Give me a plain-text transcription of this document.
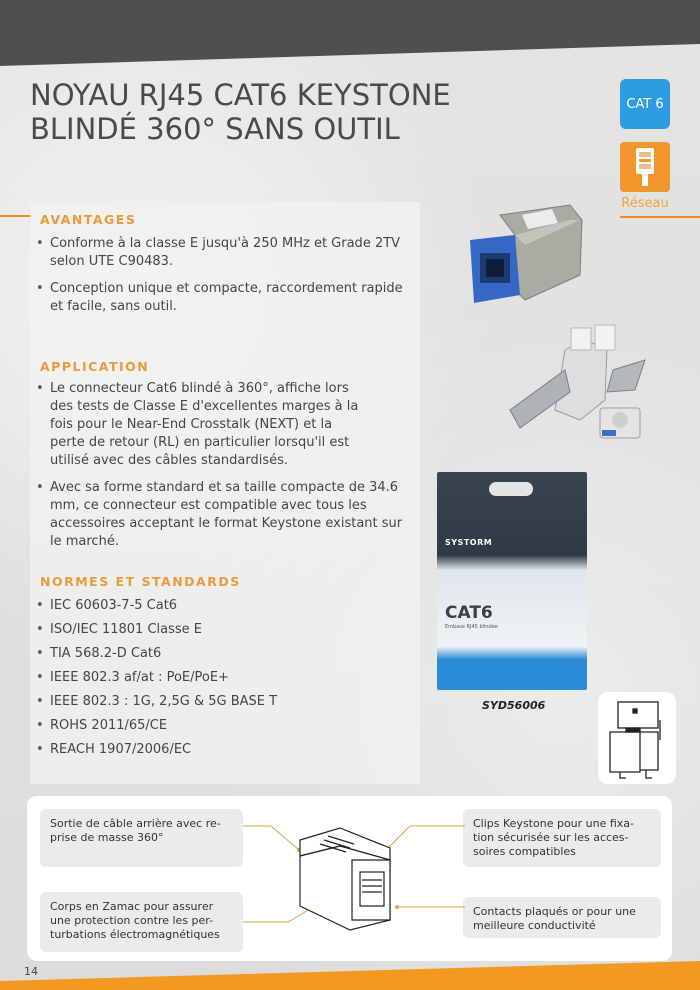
NOYAU RJ45 CAT6 KEYSTONE
BLINDÉ 360° SANS OUTIL
CAT 6
Réseau
AVANTAGES
• Conforme à la classe E jusqu'à 250 MHz et Grade 2TV selon UTE C90483.
• Conception unique et compacte, raccordement rapide et facile, sans outil.
APPLICATION
• Le connecteur Cat6 blindé à 360°, affiche lors des tests de Classe E d'excellentes marges à la fois pour le Near-End Crosstalk (NEXT) et la perte de retour (RL) en particulier lorsqu'il est utilisé avec des câbles standardisés.
• Avec sa forme standard et sa taille compacte de 34.6 mm, ce connecteur est compatible avec tous les accessoires acceptant le format Keystone existant sur le marché.
NORMES ET STANDARDS
• IEC 60603-7-5 Cat6
• ISO/IEC 11801 Classe E
• TIA 568.2-D Cat6
• IEEE 802.3 af/at : PoE/PoE+
• IEEE 802.3 : 1G, 2,5G & 5G BASE T
• ROHS 2011/65/CE
• REACH 1907/2006/EC
SYSTORM
CAT6
Embase RJ45 blindée
SYD56006
Sortie de câble arrière avec re-prise de masse 360°
Corps en Zamac pour assurer une protection contre les per-turbations électromagnétiques
Clips Keystone pour une fixa-tion sécurisée sur les acces-soires compatibles
Contacts plaqués or pour une meilleure conductivité
14
